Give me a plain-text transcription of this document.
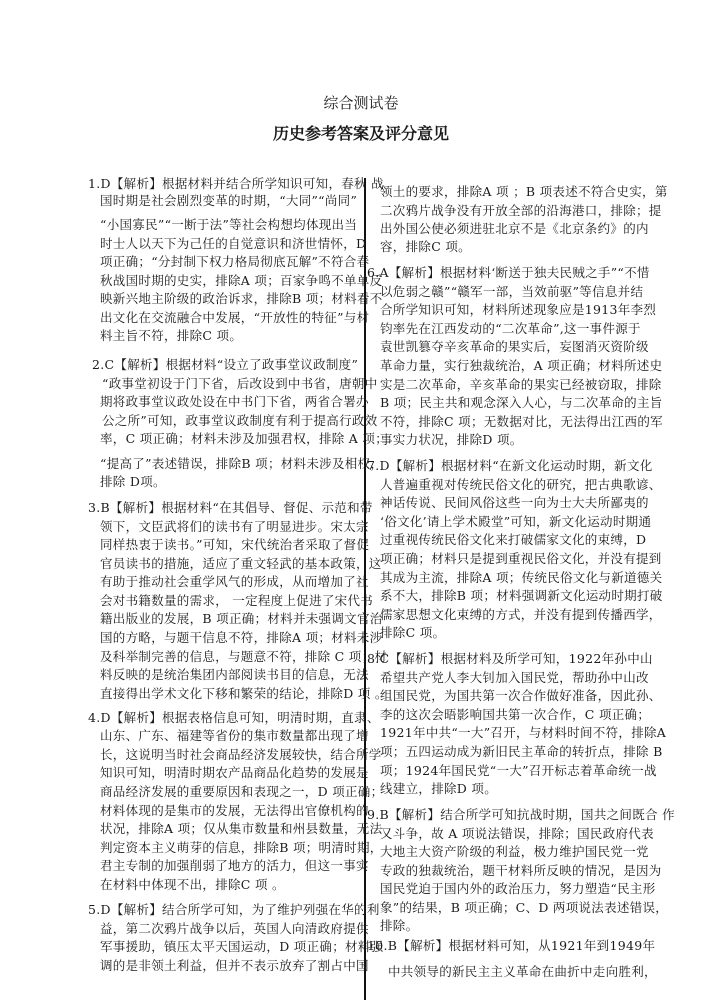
综合测试卷
历史参考答案及评分意见
1.D【解析】根据材料并结合所学知识可知，春秋 战
国时期是社会剧烈变革的时期，“大同”“尚同”
“小国寡民”“一断于法”等社会构想均体现出当
时士人以天下为己任的自觉意识和济世情怀，D
项正确；“分封制下权力格局彻底瓦解”不符合春
秋战国时期的史实，排除A 项；百家争鸣不单单反
映新兴地主阶级的政治诉求，排除B 项；材料看不
出文化在交流融合中发展，“开放性的特征”与材
料主旨不符，排除C 项。
2.C【解析】根据材料“设立了政事堂议政制度”
“政事堂初设于门下省，后改设到中书省，唐朝中
期将政事堂议政处设在中书门下省，两省合署办
公之所”可知，政事堂议政制度有利于提高行政效
率，C 项正确；材料未涉及加强君权，排除 A 项；
“提高了”表述错误，排除B 项；材料未涉及相权，
排除 D项。
3.B【解析】根据材料“在其倡导、督促、示范和带
领下，文臣武将们的读书有了明显进步。宋太宗
同样热衷于读书。”可知，宋代统治者采取了督促
官员读书的措施，适应了重文轻武的基本政策，这
有助于推动社会重学风气的形成，从而增加了社
会对书籍数量的需求， 一定程度上促进了宋代书
籍出版业的发展，B 项正确；材料并未强调文官治
国的方略，与题干信息不符，排除A 项；材料未涉
及科举制完善的信息，与题意不符，排除 C 项；材
料反映的是统治集团内部阅读书目的信息，无法
直接得出学术文化下移和繁荣的结论，排除D 项 。
4.D【解析】根据表格信息可知，明清时期，直隶、
山东、广东、福建等省份的集市数量都出现了增
长，这说明当时社会商品经济发展较快，结合所学
知识可知，明清时期农产品商品化趋势的发展是
商品经济发展的重要原因和表现之一，D 项正确；
材料体现的是集市的发展，无法得出官僚机构的
状况，排除A 项；仅从集市数量和州县数量，无法
判定资本主义萌芽的信息，排除B 项；明清时期，
君主专制的加强削弱了地方的活力，但这一事实
在材料中体现不出，排除C 项 。
5.D【解析】结合所学可知，为了维护列强在华的利
益，第二次鸦片战争以后，英国人向清政府提供
军事援助，镇压太平天国运动，D 项正确；材料强
调的是非领土利益，但并不表示放弃了割占中国
领土的要求，排除A 项 ；B 项表述不符合史实，第
二次鸦片战争没有开放全部的沿海港口，排除；提
出外国公使必须进驻北京不是《北京条约》的内
容，排除C 项。
6.A【解析】根据材料‘断送于独夫民贼之手”“不惜
以危弱之赣”“赣军一部，当效前驱”等信息并结
合所学知识可知，材料所述现象应是1913年李烈
钧率先在江西发动的“二次革命”,这一事件源于
袁世凯篡夺辛亥革命的果实后，妄图消灭资阶级
革命力量，实行独裁统治，A 项正确；材料所述史
实是二次革命，辛亥革命的果实已经被窃取，排除
B 项；民主共和观念深入人心，与二次革命的主旨
不符，排除C 项；无数据对比，无法得出江西的军
事实力状况，排除D 项。
7.D【解析】根据材料“在新文化运动时期，新文化
人普遍重视对传统民俗文化的研究，把古典歌谚、
神话传说、民间风俗这些一向为士大夫所鄙夷的
‘俗文化’请上学术殿堂”可知，新文化运动时期通
过重视传统民俗文化来打破儒家文化的束缚，D
项正确；材料只是提到重视民俗文化，并没有提到
其成为主流，排除A 项；传统民俗文化与新道德关
系不大，排除B 项；材料强调新文化运动时期打破
儒家思想文化束缚的方式，并没有提到传播西学，
排除C 项。
8.C【解析】根据材料及所学可知，1922年孙中山
希望共产党人李大钊加入国民党，帮助孙中山改
组国民党，为国共第一次合作做好准备，因此孙、
李的这次会晤影响国共第一次合作，C 项正确；
1921年中共“一大”召开，与材料时间不符，排除A
项；五四运动成为新旧民主革命的转折点，排除 B
项；1924年国民党“一大”召开标志着革命统一战
线建立，排除D 项。
9.B【解析】结合所学可知抗战时期，国共之间既合 作
又斗争，故 A 项说法错误，排除；国民政府代表
大地主大资产阶级的利益，极力维护国民党一党
专政的独裁统治，题干材料所反映的情况，是因为
国民党迫于国内外的政治压力，努力塑造“民主形
象”的结果，B 项正确；C、D 两项说法表述错误，
排除。
10.B【解析】根据材料可知，从1921年到1949年
中共领导的新民主主义革命在曲折中走向胜利，
